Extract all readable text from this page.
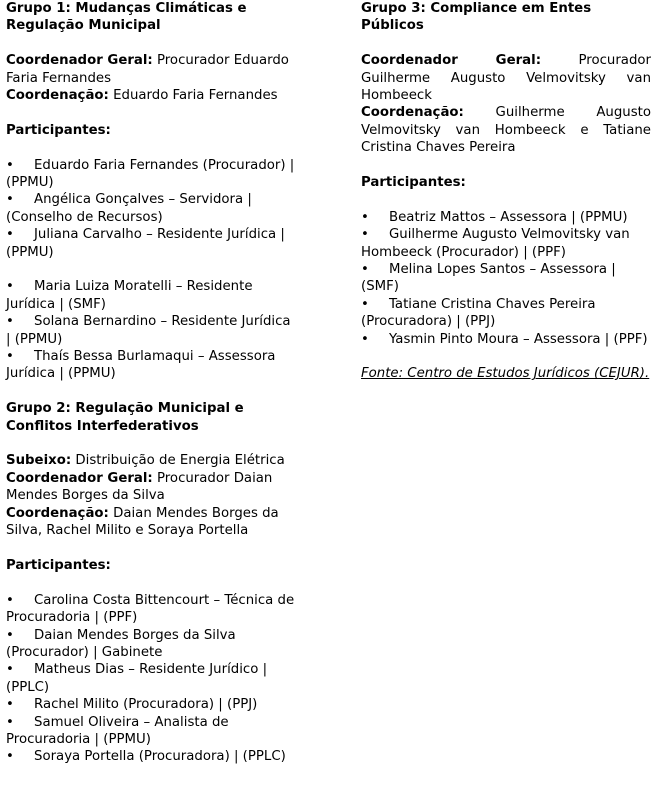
Grupo 1: Mudanças Climáticas e Regulação Municipal
Coordenador Geral: Procurador Eduardo Faria Fernandes
Coordenação: Eduardo Faria Fernandes
Participantes:
• Eduardo Faria Fernandes (Procurador) | (PPMU)
• Angélica Gonçalves – Servidora | (Conselho de Recursos)
• Juliana Carvalho – Residente Jurídica | (PPMU)
• Maria Luiza Moratelli – Residente Jurídica | (SMF)
• Solana Bernardino – Residente Jurídica | (PPMU)
• Thaís Bessa Burlamaqui – Assessora Jurídica | (PPMU)
Grupo 2: Regulação Municipal e Conflitos Interfederativos
Subeixo: Distribuição de Energia Elétrica
Coordenador Geral: Procurador Daian Mendes Borges da Silva
Coordenação: Daian Mendes Borges da Silva, Rachel Milito e Soraya Portella
Participantes:
• Carolina Costa Bittencourt – Técnica de Procuradoria | (PPF)
• Daian Mendes Borges da Silva (Procurador) | Gabinete
• Matheus Dias – Residente Jurídico | (PPLC)
• Rachel Milito (Procuradora) | (PPJ)
• Samuel Oliveira – Analista de Procuradoria | (PPMU)
• Soraya Portella (Procuradora) | (PPLC)
Grupo 3: Compliance em Entes Públicos
Coordenador Geral: Procurador Guilherme Augusto Velmovitsky van Hombeeck
Coordenação: Guilherme Augusto Velmovitsky van Hombeeck e Tatiane Cristina Chaves Pereira
Participantes:
• Beatriz Mattos – Assessora | (PPMU)
• Guilherme Augusto Velmovitsky van Hombeeck (Procurador) | (PPF)
• Melina Lopes Santos – Assessora | (SMF)
• Tatiane Cristina Chaves Pereira (Procuradora) | (PPJ)
• Yasmin Pinto Moura – Assessora | (PPF)
Fonte: Centro de Estudos Jurídicos (CEJUR).
